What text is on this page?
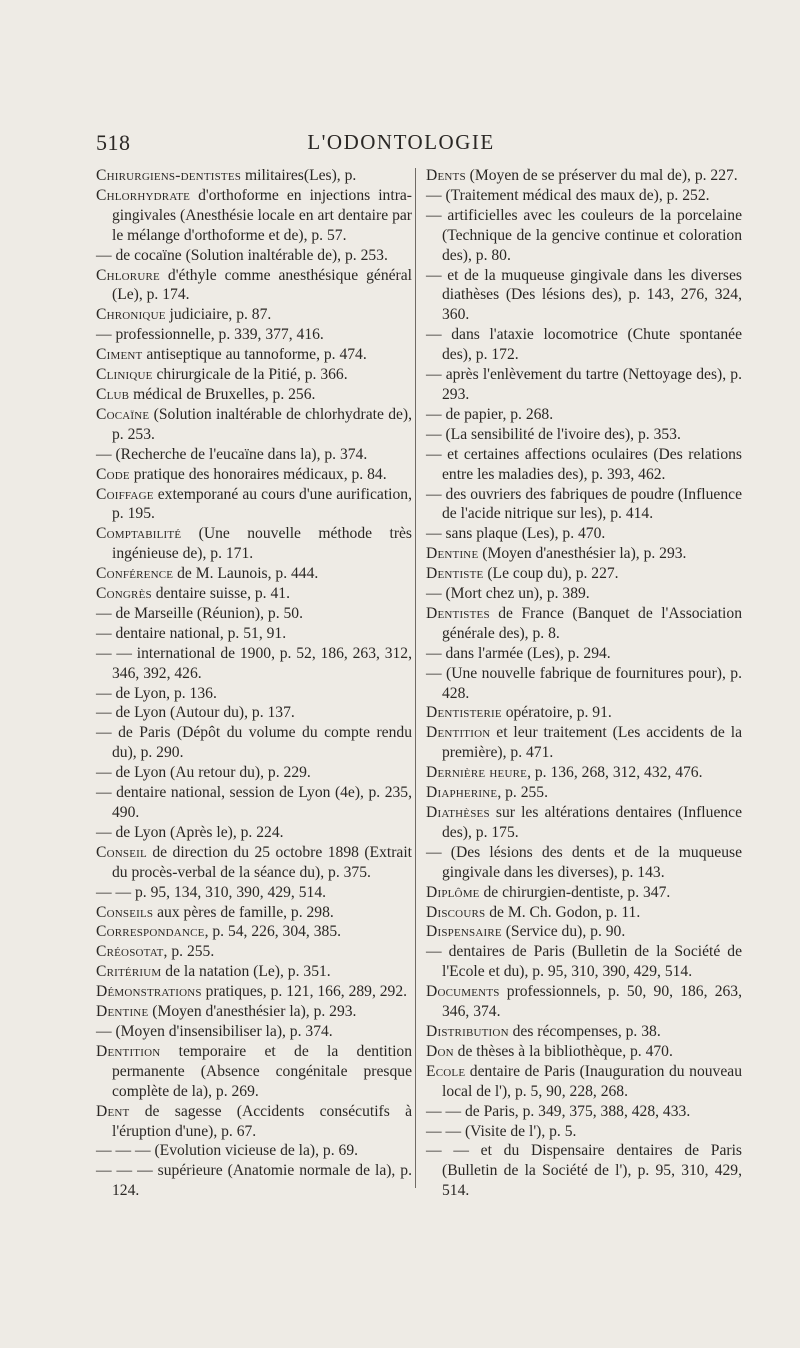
518	L'ODONTOLOGIE

Chirurgiens-dentistes militaires(Les), p.

Chlorhydrate d'orthoforme en injections intra-gingivales (Anesthésie locale en art dentaire par le mélange d'orthoforme et de), p. 57.

— de cocaïne (Solution inaltérable de), p. 253.

Chlorure d'éthyle comme anesthésique général (Le), p. 174.

Chronique judiciaire, p. 87.

— professionnelle, p. 339, 377, 416.

Ciment antiseptique au tannoforme, p. 474.

Clinique chirurgicale de la Pitié, p. 366.

Club médical de Bruxelles, p. 256.

Cocaïne (Solution inaltérable de chlorhydrate de), p. 253.

— (Recherche de l'eucaïne dans la), p. 374.

Code pratique des honoraires médicaux, p. 84.

Coiffage extemporané au cours d'une aurification, p. 195.

Comptabilité (Une nouvelle méthode très ingénieuse de), p. 171.

Conférence de M. Launois, p. 444.

Congrès dentaire suisse, p. 41.

— de Marseille (Réunion), p. 50.

— dentaire national, p. 51, 91.

— — international de 1900, p. 52, 186, 263, 312, 346, 392, 426.

— de Lyon, p. 136.

— de Lyon (Autour du), p. 137.

— de Paris (Dépôt du volume du compte rendu du), p. 290.

— de Lyon (Au retour du), p. 229.

— dentaire national, session de Lyon (4e), p. 235, 490.

— de Lyon (Après le), p. 224.

Conseil de direction du 25 octobre 1898 (Extrait du procès-verbal de la séance du), p. 375.

— — p. 95, 134, 310, 390, 429, 514.

Conseils aux pères de famille, p. 298.

Correspondance, p. 54, 226, 304, 385.

Créosotat, p. 255.

Critérium de la natation (Le), p. 351.

Démonstrations pratiques, p. 121, 166, 289, 292.

Dentine (Moyen d'anesthésier la), p. 293.

— (Moyen d'insensibiliser la), p. 374.

Dentition temporaire et de la dentition permanente (Absence congénitale presque complète de la), p. 269.

Dent de sagesse (Accidents consécutifs à l'éruption d'une), p. 67.

— — — (Evolution vicieuse de la), p. 69.

— — — supérieure (Anatomie normale de la), p. 124.

Dents (Moyen de se préserver du mal de), p. 227.

— (Traitement médical des maux de), p. 252.

— artificielles avec les couleurs de la porcelaine (Technique de la gencive continue et coloration des), p. 80.

— et de la muqueuse gingivale dans les diverses diathèses (Des lésions des), p. 143, 276, 324, 360.

— dans l'ataxie locomotrice (Chute spontanée des), p. 172.

— après l'enlèvement du tartre (Nettoyage des), p. 293.

— de papier, p. 268.

— (La sensibilité de l'ivoire des), p. 353.

— et certaines affections oculaires (Des relations entre les maladies des), p. 393, 462.

— des ouvriers des fabriques de poudre (Influence de l'acide nitrique sur les), p. 414.

— sans plaque (Les), p. 470.

Dentine (Moyen d'anesthésier la), p. 293.

Dentiste (Le coup du), p. 227.

— (Mort chez un), p. 389.

Dentistes de France (Banquet de l'Association générale des), p. 8.

— dans l'armée (Les), p. 294.

— (Une nouvelle fabrique de fournitures pour), p. 428.

Dentisterie opératoire, p. 91.

Dentition et leur traitement (Les accidents de la première), p. 471.

Dernière heure, p. 136, 268, 312, 432, 476.

Diapherine, p. 255.

Diathèses sur les altérations dentaires (Influence des), p. 175.

— (Des lésions des dents et de la muqueuse gingivale dans les diverses), p. 143.

Diplôme de chirurgien-dentiste, p. 347.

Discours de M. Ch. Godon, p. 11.

Dispensaire (Service du), p. 90.

— dentaires de Paris (Bulletin de la Société de l'Ecole et du), p. 95, 310, 390, 429, 514.

Documents professionnels, p. 50, 90, 186, 263, 346, 374.

Distribution des récompenses, p. 38.

Don de thèses à la bibliothèque, p. 470.

Ecole dentaire de Paris (Inauguration du nouveau local de l'), p. 5, 90, 228, 268.

— — de Paris, p. 349, 375, 388, 428, 433.

— — (Visite de l'), p. 5.

— — et du Dispensaire dentaires de Paris (Bulletin de la Société de l'), p. 95, 310, 429, 514.
